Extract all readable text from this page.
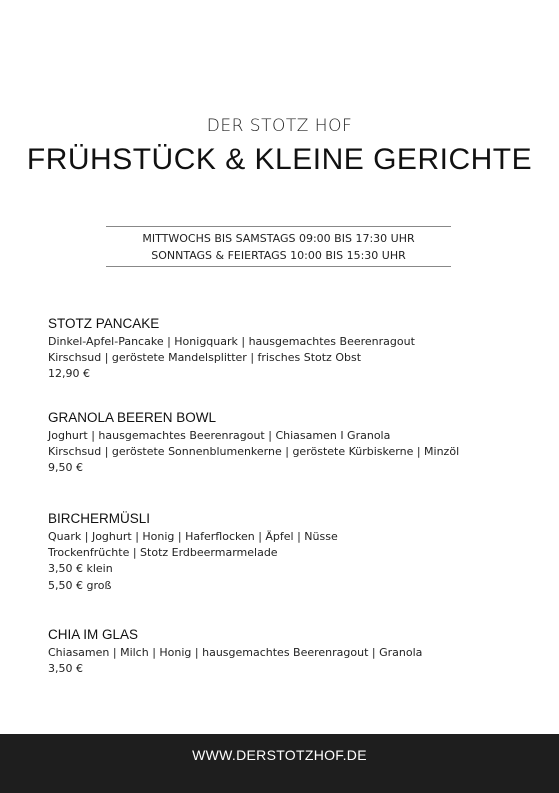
DER STOTZ HOF
FRÜHSTÜCK & KLEINE GERICHTE
MITTWOCHS BIS SAMSTAGS 09:00 BIS 17:30 UHR
SONNTAGS & FEIERTAGS 10:00 BIS 15:30 UHR
STOTZ PANCAKE
Dinkel-Apfel-Pancake | Honigquark | hausgemachtes Beerenragout
Kirschsud | geröstete Mandelsplitter | frisches Stotz Obst
12,90 €
GRANOLA BEEREN BOWL
Joghurt | hausgemachtes Beerenragout | Chiasamen I Granola
Kirschsud | geröstete Sonnenblumenkerne | geröstete Kürbiskerne | Minzöl
9,50 €
BIRCHERMÜSLI
Quark | Joghurt | Honig | Haferflocken | Äpfel | Nüsse
Trockenfrüchte | Stotz Erdbeermarmelade
3,50 € klein
5,50 € groß
CHIA IM GLAS
Chiasamen | Milch | Honig | hausgemachtes Beerenragout | Granola
3,50 €
WWW.DERSTOTZHOF.DE
